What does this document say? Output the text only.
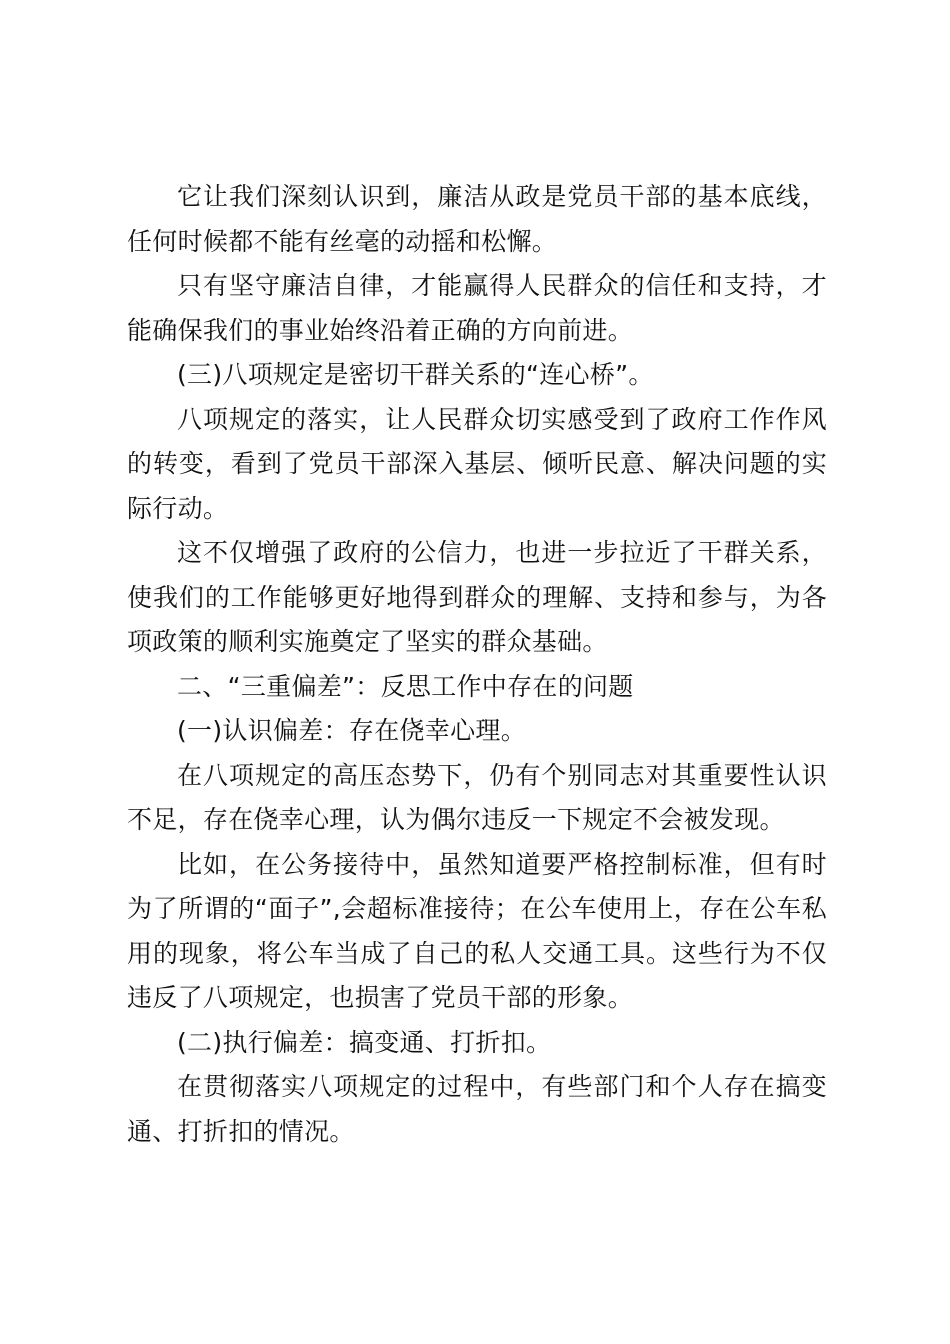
它让我们深刻认识到，廉洁从政是党员干部的基本底线，任何时候都不能有丝毫的动摇和松懈。

只有坚守廉洁自律，才能赢得人民群众的信任和支持，才能确保我们的事业始终沿着正确的方向前进。

(三)八项规定是密切干群关系的“连心桥”。

八项规定的落实，让人民群众切实感受到了政府工作作风的转变，看到了党员干部深入基层、倾听民意、解决问题的实际行动。

这不仅增强了政府的公信力，也进一步拉近了干群关系，使我们的工作能够更好地得到群众的理解、支持和参与，为各项政策的顺利实施奠定了坚实的群众基础。

二、“三重偏差”：反思工作中存在的问题

(一)认识偏差：存在侥幸心理。

在八项规定的高压态势下，仍有个别同志对其重要性认识不足，存在侥幸心理，认为偶尔违反一下规定不会被发现。

比如，在公务接待中，虽然知道要严格控制标准，但有时为了所谓的“面子”,会超标准接待；在公车使用上，存在公车私用的现象，将公车当成了自己的私人交通工具。这些行为不仅违反了八项规定，也损害了党员干部的形象。

(二)执行偏差：搞变通、打折扣。

在贯彻落实八项规定的过程中，有些部门和个人存在搞变通、打折扣的情况。
